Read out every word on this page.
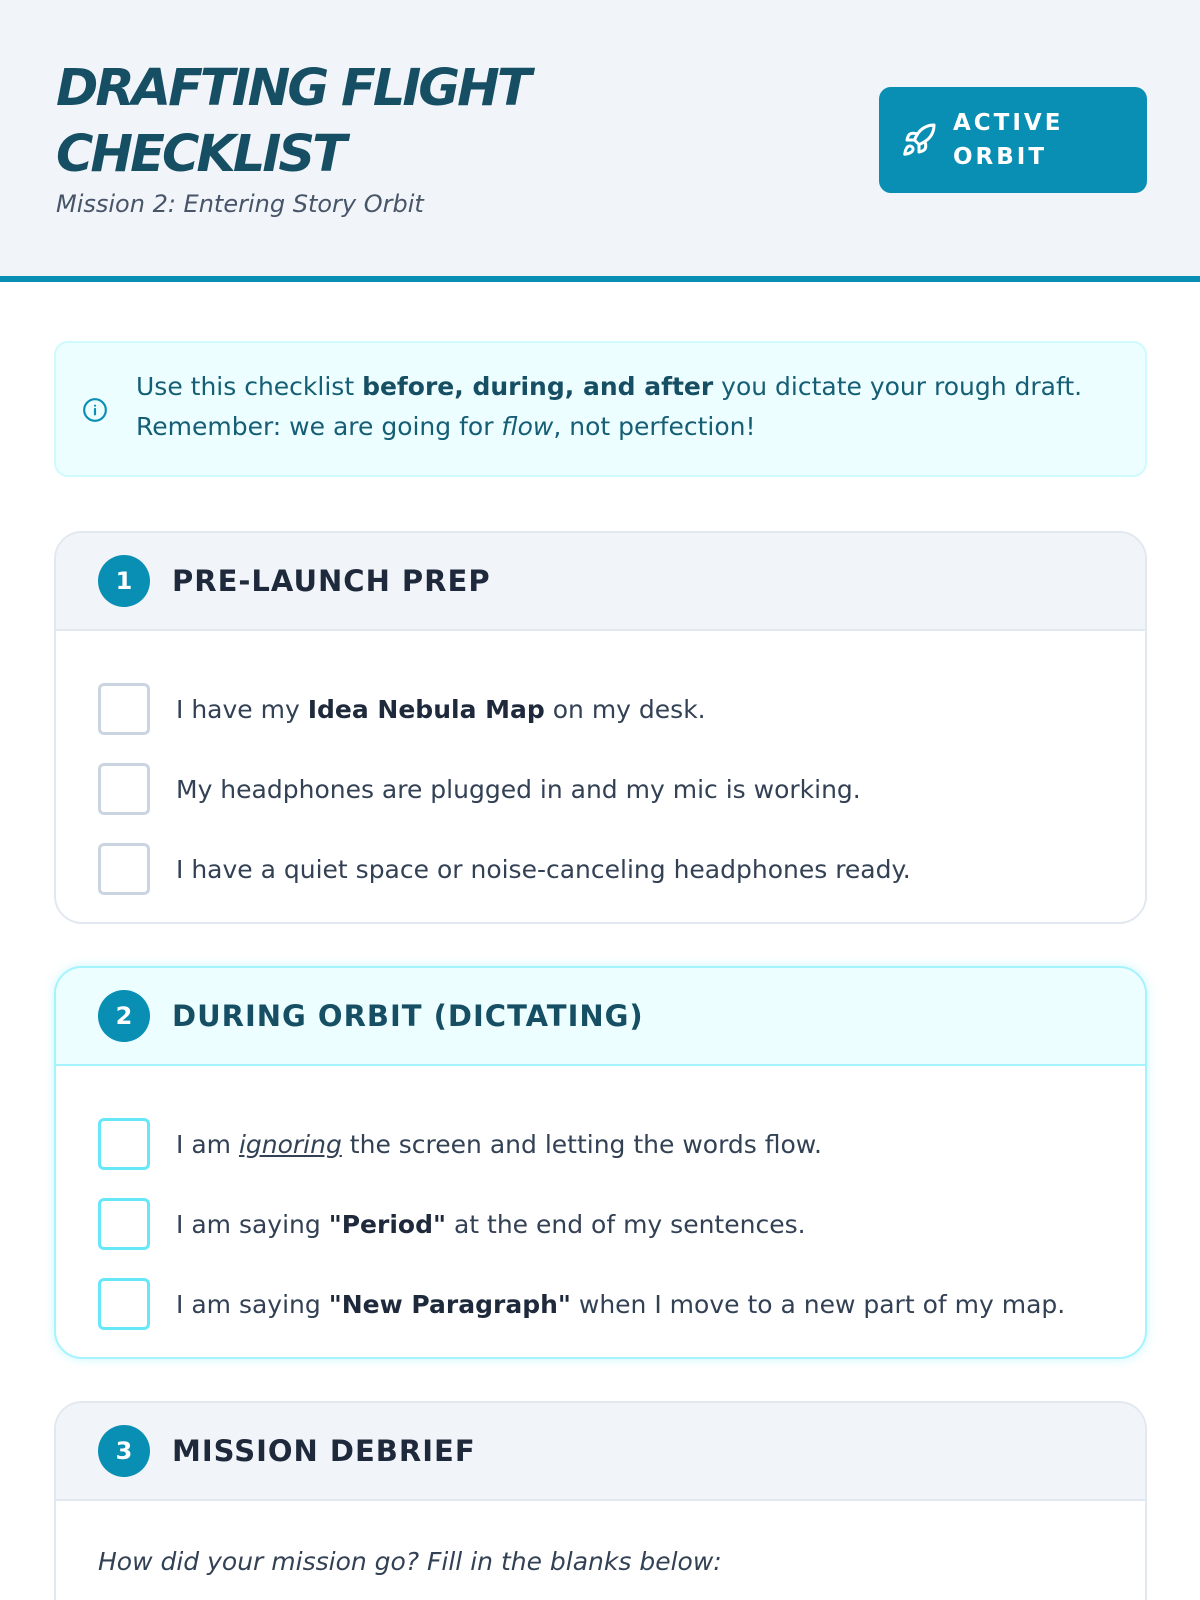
DRAFTING FLIGHT CHECKLIST
Mission 2: Entering Story Orbit
ACTIVE ORBIT
Use this checklist before, during, and after you dictate your rough draft. Remember: we are going for flow, not perfection!
1	PRE-LAUNCH PREP
I have my Idea Nebula Map on my desk.
My headphones are plugged in and my mic is working.
I have a quiet space or noise-canceling headphones ready.
2	DURING ORBIT (DICTATING)
I am ignoring the screen and letting the words flow.
I am saying "Period" at the end of my sentences.
I am saying "New Paragraph" when I move to a new part of my map.
3	MISSION DEBRIEF
How did your mission go? Fill in the blanks below:
